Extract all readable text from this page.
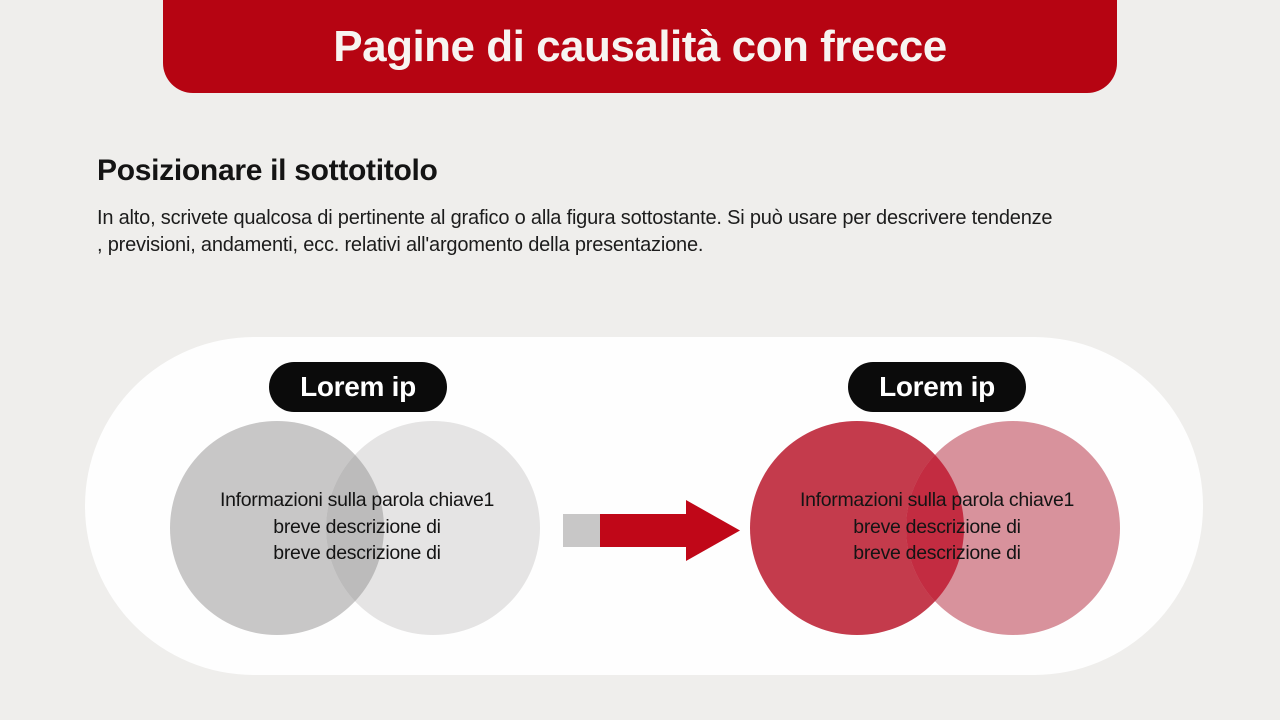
Pagine di causalità con frecce
Posizionare il sottotitolo
In alto, scrivete qualcosa di pertinente al grafico o alla figura sottostante. Si può usare per descrivere tendenze
, previsioni, andamenti, ecc. relativi all'argomento della presentazione.
Lorem ip	Lorem ip
Informazioni sulla parola chiave1
breve descrizione di
breve descrizione di
Informazioni sulla parola chiave1
breve descrizione di
breve descrizione di
